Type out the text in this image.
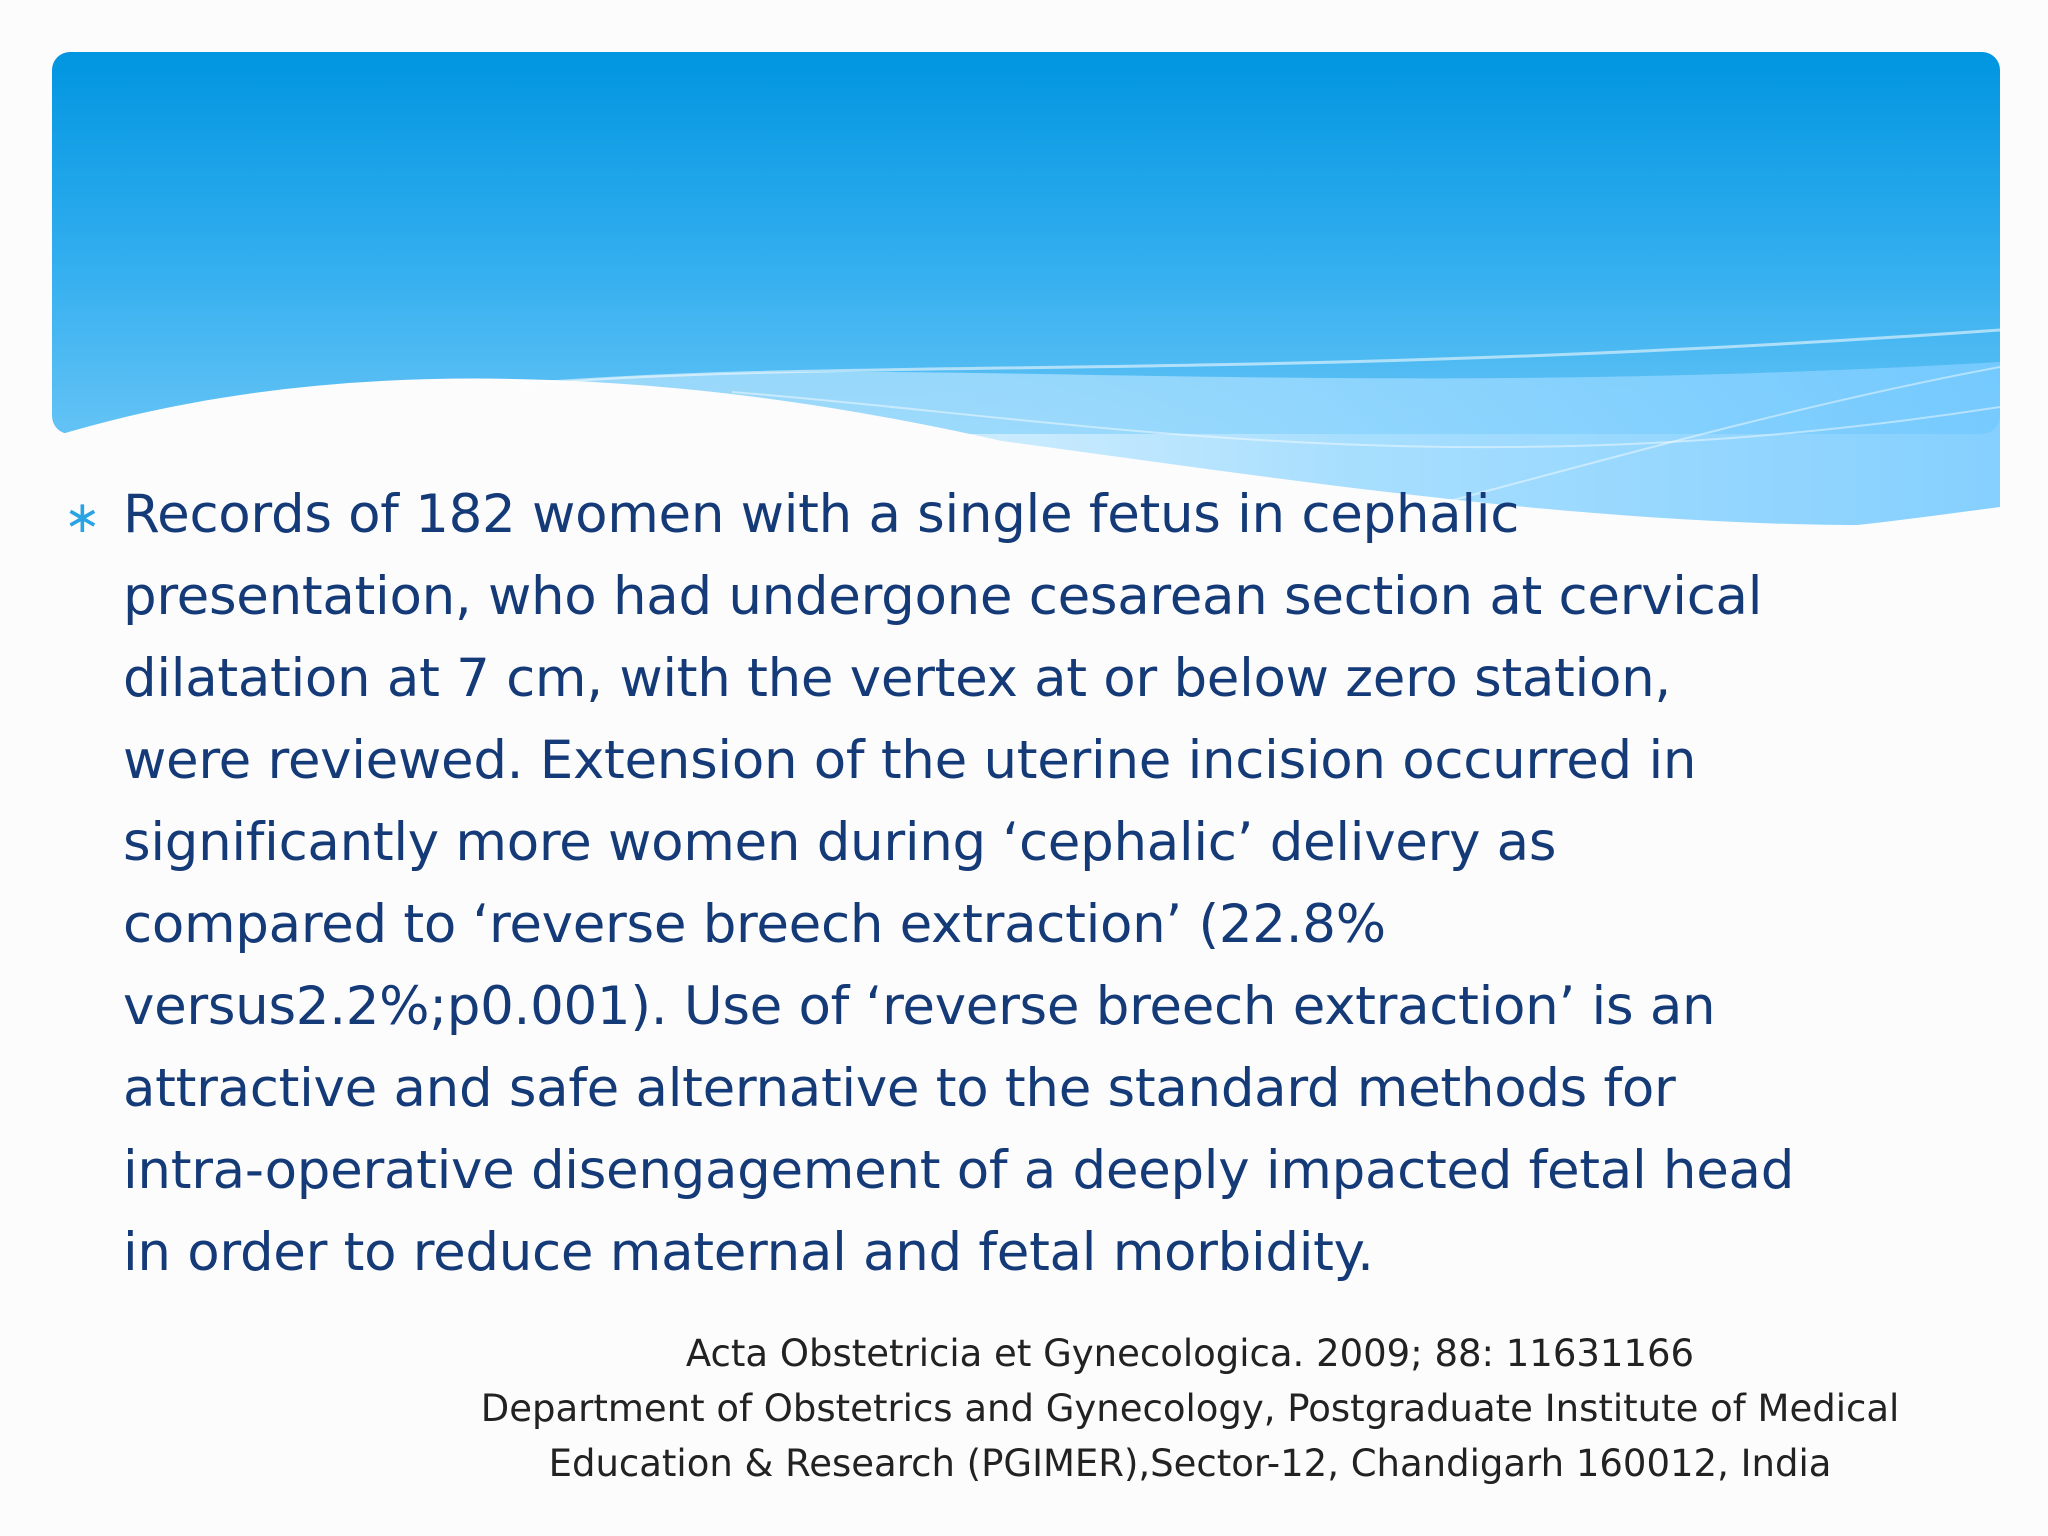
∗ Records of 182 women with a single fetus in cephalic
presentation, who had undergone cesarean section at cervical
dilatation at 7 cm, with the vertex at or below zero station,
were reviewed. Extension of the uterine incision occurred in
significantly more women during ‘cephalic’ delivery as
compared to ‘reverse breech extraction’ (22.8%
versus2.2%;p0.001). Use of ‘reverse breech extraction’ is an
attractive and safe alternative to the standard methods for
intra-operative disengagement of a deeply impacted fetal head
in order to reduce maternal and fetal morbidity.

Acta Obstetricia et Gynecologica. 2009; 88: 11631166
Department of Obstetrics and Gynecology, Postgraduate Institute of Medical
Education & Research (PGIMER),Sector-12, Chandigarh 160012, India
